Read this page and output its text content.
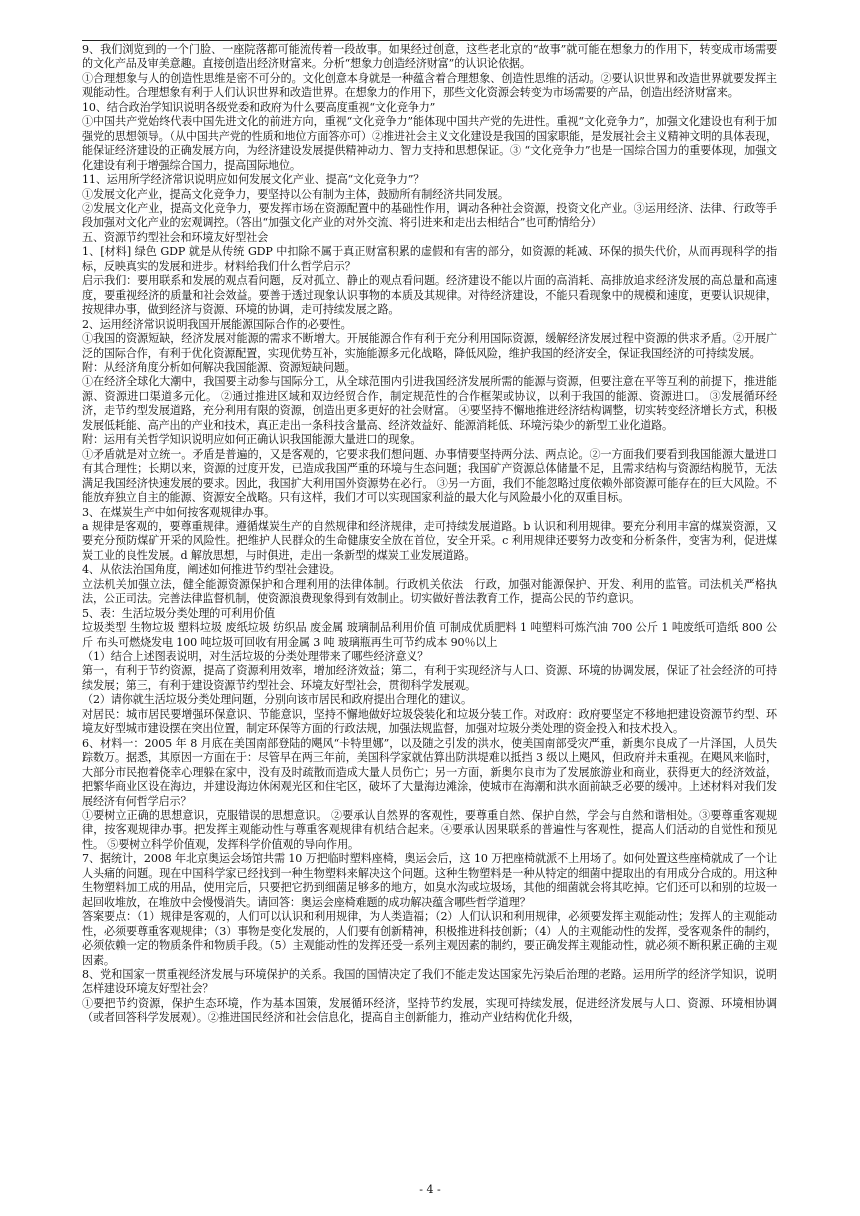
9、我们浏览到的一个门脸、一座院落都可能流传着一段故事。如果经过创意，这些老北京的“故事”就可能在想象力的作用下，转变成市场需要的文化产品及审美意趣。直接创造出经济财富来。分析“想象力创造经济财富”的认识论依据。

①合理想象与人的创造性思维是密不可分的。文化创意本身就是一种蕴含着合理想象、创造性思维的活动。②要认识世界和改造世界就要发挥主观能动性。合理想象有利于人们认识世界和改造世界。在想象力的作用下，那些文化资源会转变为市场需要的产品，创造出经济财富来。

10、结合政治学知识说明各级党委和政府为什么要高度重视“文化竞争力”

①中国共产党始终代表中国先进文化的前进方向，重视“文化竞争力”能体现中国共产党的先进性。重视“文化竞争力”，加强文化建设也有利于加强党的思想领导。（从中国共产党的性质和地位方面答亦可）②推进社会主义文化建设是我国的国家职能，是发展社会主义精神文明的具体表现，能保证经济建设的正确发展方向，为经济建设发展提供精神动力、智力支持和思想保证。③ “文化竞争力”也是一国综合国力的重要体现，加强文化建设有利于增强综合国力，提高国际地位。

11、运用所学经济常识说明应如何发展文化产业、提高“文化竞争力”？

①发展文化产业，提高文化竞争力，要坚持以公有制为主体，鼓励所有制经济共同发展。

②发展文化产业，提高文化竞争力，要发挥市场在资源配置中的基础性作用，调动各种社会资源，投资文化产业。③运用经济、法律、行政等手段加强对文化产业的宏观调控。（答出“加强文化产业的对外交流、将引进来和走出去相结合”也可酌情给分）

五、资源节约型社会和环境友好型社会

1、[材料] 绿色 GDP 就是从传统 GDP 中扣除不属于真正财富积累的虚假和有害的部分，如资源的耗减、环保的损失代价，从而再现科学的指标，反映真实的发展和进步。材料给我们什么哲学启示？

启示我们：要用联系和发展的观点看问题，反对孤立、静止的观点看问题。经济建设不能以片面的高消耗、高排放追求经济发展的高总量和高速度，要重视经济的质量和社会效益。要善于透过现象认识事物的本质及其规律。对待经济建设，不能只看现象中的规模和速度，更要认识规律，按规律办事，做到经济与资源、环境的协调，走可持续发展之路。

2、运用经济常识说明我国开展能源国际合作的必要性。

①我国的资源短缺，经济发展对能源的需求不断增大。开展能源合作有利于充分利用国际资源，缓解经济发展过程中资源的供求矛盾。②开展广泛的国际合作，有利于优化资源配置，实现优势互补，实施能源多元化战略，降低风险，维护我国的经济安全，保证我国经济的可持续发展。

附：从经济角度分析如何解决我国能源、资源短缺问题。

①在经济全球化大潮中，我国要主动参与国际分工，从全球范围内引进我国经济发展所需的能源与资源，但要注意在平等互利的前提下，推进能源、资源进口渠道多元化。 ②通过推进区域和双边经贸合作，制定规范性的合作框架或协议，以利于我国的能源、资源进口。 ③发展循环经济，走节约型发展道路，充分利用有限的资源，创造出更多更好的社会财富。 ④要坚持不懈地推进经济结构调整，切实转变经济增长方式，积极发展低耗能、高产出的产业和技术，真正走出一条科技含量高、经济效益好、能源消耗低、环境污染少的新型工业化道路。

附：运用有关哲学知识说明应如何正确认识我国能源大量进口的现象。

①矛盾就是对立统一。矛盾是普遍的，又是客观的，它要求我们想问题、办事情要坚持两分法、两点论。②一方面我们要看到我国能源大量进口有其合理性；长期以来，资源的过度开发，已造成我国严重的环境与生态问题；我国矿产资源总体储量不足，且需求结构与资源结构脱节，无法满足我国经济快速发展的要求。因此，我国扩大利用国外资源势在必行。 ③另一方面，我们不能忽略过度依赖外部资源可能存在的巨大风险。不能放弃独立自主的能源、资源安全战略。只有这样，我们才可以实现国家利益的最大化与风险最小化的双重目标。

3、在煤炭生产中如何按客观规律办事。

a 规律是客观的，要尊重规律。遵循煤炭生产的自然规律和经济规律，走可持续发展道路。b 认识和利用规律。要充分利用丰富的煤炭资源，又要充分预防煤矿开采的风险性。把维护人民群众的生命健康安全放在首位，安全开采。c 利用规律还要努力改变和分析条件，变害为利，促进煤炭工业的良性发展。d 解放思想，与时俱进，走出一条新型的煤炭工业发展道路。

4、从依法治国角度，阐述如何推进节约型社会建设。

立法机关加强立法，健全能源资源保护和合理利用的法律体制。行政机关依法　行政，加强对能源保护、开发、利用的监管。司法机关严格执法，公正司法。完善法律监督机制，使资源浪费现象得到有效制止。切实做好普法教育工作，提高公民的节约意识。

5、表：生活垃圾分类处理的可利用价值

垃圾类型 生物垃圾 塑料垃圾 废纸垃圾 纺织品 废金属 玻璃制品利用价值 可制成优质肥料 1 吨塑料可炼汽油 700 公斤 1 吨废纸可造纸 800 公斤 布头可燃烧发电 100 吨垃圾可回收有用金属 3 吨 玻璃瓶再生可节约成本 90％以上

（1）结合上述图表说明，对生活垃圾的分类处理带来了哪些经济意义？

第一，有利于节约资源，提高了资源利用效率，增加经济效益；第二，有利于实现经济与人口、资源、环境的协调发展，保证了社会经济的可持续发展；第三，有利于建设资源节约型社会、环境友好型社会，贯彻科学发展观。

（2）请你就生活垃圾分类处理问题，分别向该市居民和政府提出合理化的建议。

对居民：城市居民要增强环保意识、节能意识，坚持不懈地做好垃圾袋装化和垃圾分装工作。对政府：政府要坚定不移地把建设资源节约型、环境友好型城市建设摆在突出位置，制定环保等方面的行政法规，加强法规监督，加强对垃圾分类处理的资金投入和技术投入。

6、材料一：2005 年 8 月底在美国南部登陆的飓风“卡特里娜”，以及随之引发的洪水，使美国南部受灾严重，新奥尔良成了一片泽国，人员失踪数万。据悉，其原因一方面在于：尽管早在两三年前，美国科学家就估算出防洪堤难以抵挡 3 级以上飓风，但政府并未重视。在飓风来临时，大部分市民抱着侥幸心理躲在家中，没有及时疏散而造成大量人员伤亡；另一方面，新奥尔良市为了发展旅游业和商业，获得更大的经济效益，把繁华商业区设在海边，并建设海边休闲观光区和住宅区，破坏了大量海边滩涂，使城市在海潮和洪水面前缺乏必要的缓冲。上述材料对我们发展经济有何哲学启示？

①要树立正确的思想意识，克服错误的思想意识。 ②要承认自然界的客观性，要尊重自然、保护自然，学会与自然和谐相处。③要尊重客观规律，按客观规律办事。把发挥主观能动性与尊重客观规律有机结合起来。④要承认因果联系的普遍性与客观性，提高人们活动的自觉性和预见性。 ⑤要树立科学价值观，发挥科学价值观的导向作用。

7、据统计，2008 年北京奥运会场馆共需 10 万把临时塑料座椅，奥运会后，这 10 万把座椅就派不上用场了。如何处置这些座椅就成了一个让人头痛的问题。现在中国科学家已经找到一种生物塑料来解决这个问题。这种生物塑料是一种从特定的细菌中提取出的有用成分合成的。用这种生物塑料加工成的用品，使用完后，只要把它扔到细菌足够多的地方，如臭水沟或垃圾场，其他的细菌就会将其吃掉。它们还可以和别的垃圾一起回收堆放，在堆放中会慢慢消失。请回答：奥运会座椅难题的成功解决蕴含哪些哲学道理？

答案要点：（1）规律是客观的，人们可以认识和利用规律，为人类造福；（2）人们认识和利用规律，必须要发挥主观能动性；发挥人的主观能动性，必须要尊重客观规律；（3）事物是变化发展的，人们要有创新精神，积极推进科技创新；（4）人的主观能动性的发挥，受客观条件的制约，必须依赖一定的物质条件和物质手段。（5）主观能动性的发挥还受一系列主观因素的制约，要正确发挥主观能动性，就必须不断积累正确的主观因素。

8、党和国家一贯重视经济发展与环境保护的关系。我国的国情决定了我们不能走发达国家先污染后治理的老路。运用所学的经济学知识，说明怎样建设环境友好型社会？

①要把节约资源，保护生态环境，作为基本国策，发展循环经济，坚持节约发展，实现可持续发展，促进经济发展与人口、资源、环境相协调（或者回答科学发展观）。②推进国民经济和社会信息化，提高自主创新能力，推动产业结构优化升级，

- 4 -
